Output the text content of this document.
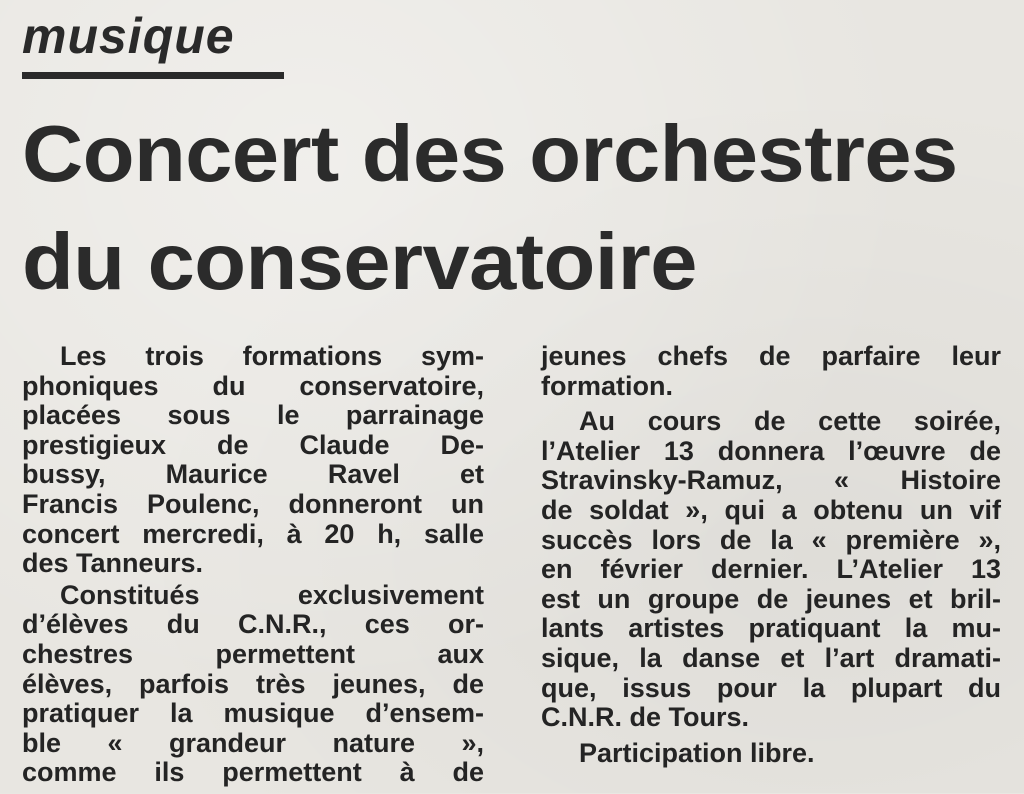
musique
Concert des orchestres
du conservatoire

Les trois formations sym-
phoniques du conservatoire,
placées sous le parrainage
prestigieux de Claude De-
bussy, Maurice Ravel et
Francis Poulenc, donneront un
concert mercredi, à 20 h, salle
des Tanneurs.

Constitués exclusivement
d’élèves du C.N.R., ces or-
chestres permettent aux
élèves, parfois très jeunes, de
pratiquer la musique d’ensem-
ble « grandeur nature »,
comme ils permettent à de

jeunes chefs de parfaire leur
formation.

Au cours de cette soirée,
l’Atelier 13 donnera l’œuvre de
Stravinsky-Ramuz, « Histoire
de soldat », qui a obtenu un vif
succès lors de la « première »,
en février dernier. L’Atelier 13
est un groupe de jeunes et bril-
lants artistes pratiquant la mu-
sique, la danse et l’art dramati-
que, issus pour la plupart du
C.N.R. de Tours.

Participation libre.
